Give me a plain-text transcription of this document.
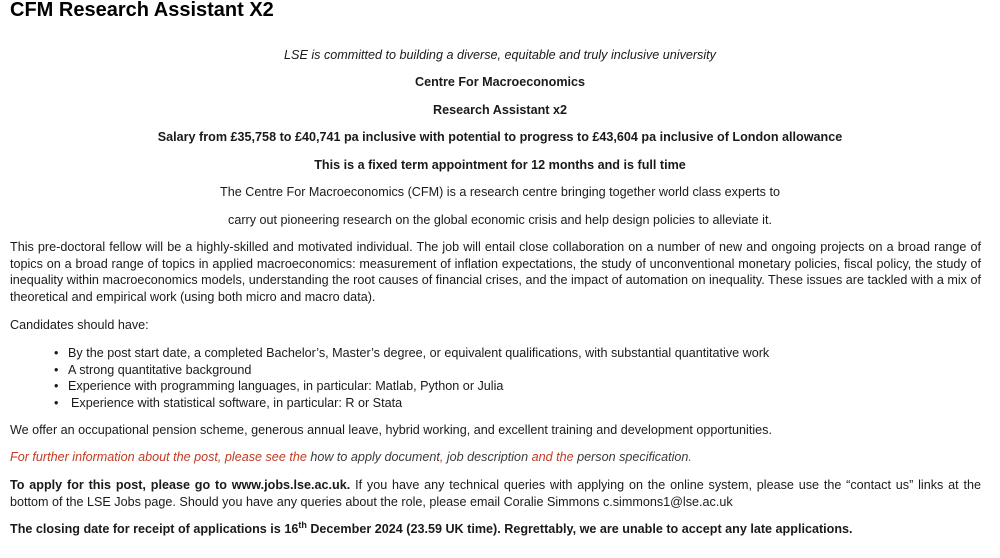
CFM Research Assistant X2

LSE is committed to building a diverse, equitable and truly inclusive university

Centre For Macroeconomics

Research Assistant x2

Salary from £35,758 to £40,741 pa inclusive with potential to progress to £43,604 pa inclusive of London allowance

This is a fixed term appointment for 12 months and is full time

The Centre For Macroeconomics (CFM) is a research centre bringing together world class experts to

carry out pioneering research on the global economic crisis and help design policies to alleviate it.

This pre-doctoral fellow will be a highly-skilled and motivated individual. The job will entail close collaboration on a number of new and ongoing projects on a broad range of topics on a broad range of topics in applied macroeconomics: measurement of inflation expectations, the study of unconventional monetary policies, fiscal policy, the study of inequality within macroeconomics models, understanding the root causes of financial crises, and the impact of automation on inequality. These issues are tackled with a mix of theoretical and empirical work (using both micro and macro data).

Candidates should have:

• By the post start date, a completed Bachelor’s, Master’s degree, or equivalent qualifications, with substantial quantitative work
• A strong quantitative background
• Experience with programming languages, in particular: Matlab, Python or Julia
• Experience with statistical software, in particular: R or Stata

We offer an occupational pension scheme, generous annual leave, hybrid working, and excellent training and development opportunities.

For further information about the post, please see the how to apply document, job description and the person specification.

To apply for this post, please go to www.jobs.lse.ac.uk. If you have any technical queries with applying on the online system, please use the “contact us” links at the bottom of the LSE Jobs page. Should you have any queries about the role, please email Coralie Simmons c.simmons1@lse.ac.uk

The closing date for receipt of applications is 16th December 2024 (23.59 UK time). Regrettably, we are unable to accept any late applications.
